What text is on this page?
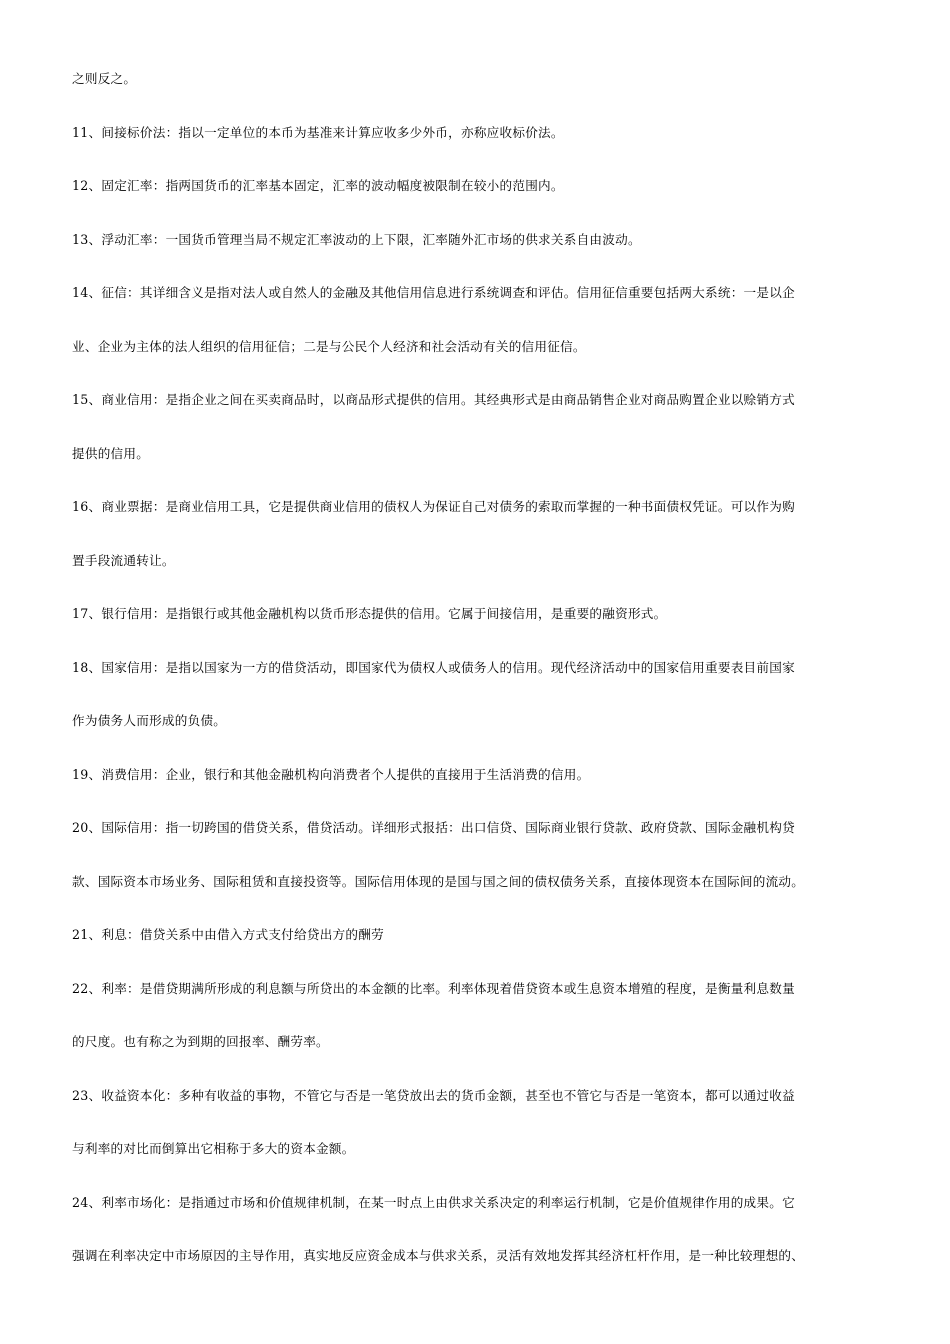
之则反之。

11、间接标价法：指以一定单位的本币为基准来计算应收多少外币，亦称应收标价法。

12、固定汇率：指两国货币的汇率基本固定，汇率的波动幅度被限制在较小的范围内。

13、浮动汇率：一国货币管理当局不规定汇率波动的上下限，汇率随外汇市场的供求关系自由波动。

14、征信：其详细含义是指对法人或自然人的金融及其他信用信息进行系统调查和评估。信用征信重要包括两大系统：一是以企

业、企业为主体的法人组织的信用征信；二是与公民个人经济和社会活动有关的信用征信。

15、商业信用：是指企业之间在买卖商品时，以商品形式提供的信用。其经典形式是由商品销售企业对商品购置企业以赊销方式

提供的信用。

16、商业票据：是商业信用工具，它是提供商业信用的债权人为保证自己对债务的索取而掌握的一种书面债权凭证。可以作为购

置手段流通转让。

17、银行信用：是指银行或其他金融机构以货币形态提供的信用。它属于间接信用，是重要的融资形式。

18、国家信用：是指以国家为一方的借贷活动，即国家代为债权人或债务人的信用。现代经济活动中的国家信用重要表目前国家

作为债务人而形成的负债。

19、消费信用：企业，银行和其他金融机构向消费者个人提供的直接用于生活消费的信用。

20、国际信用：指一切跨国的借贷关系，借贷活动。详细形式报括：出口信贷、国际商业银行贷款、政府贷款、国际金融机构贷

款、国际资本市场业务、国际租赁和直接投资等。国际信用体现的是国与国之间的债权债务关系，直接体现资本在国际间的流动。

21、利息：借贷关系中由借入方式支付给贷出方的酬劳

22、利率：是借贷期满所形成的利息额与所贷出的本金额的比率。利率体现着借贷资本或生息资本增殖的程度，是衡量利息数量

的尺度。也有称之为到期的回报率、酬劳率。

23、收益资本化：多种有收益的事物，不管它与否是一笔贷放出去的货币金额，甚至也不管它与否是一笔资本，都可以通过收益

与利率的对比而倒算出它相称于多大的资本金额。

24、利率市场化：是指通过市场和价值规律机制，在某一时点上由供求关系决定的利率运行机制，它是价值规律作用的成果。它

强调在利率决定中市场原因的主导作用，真实地反应资金成本与供求关系，灵活有效地发挥其经济杠杆作用，是一种比较理想的、
